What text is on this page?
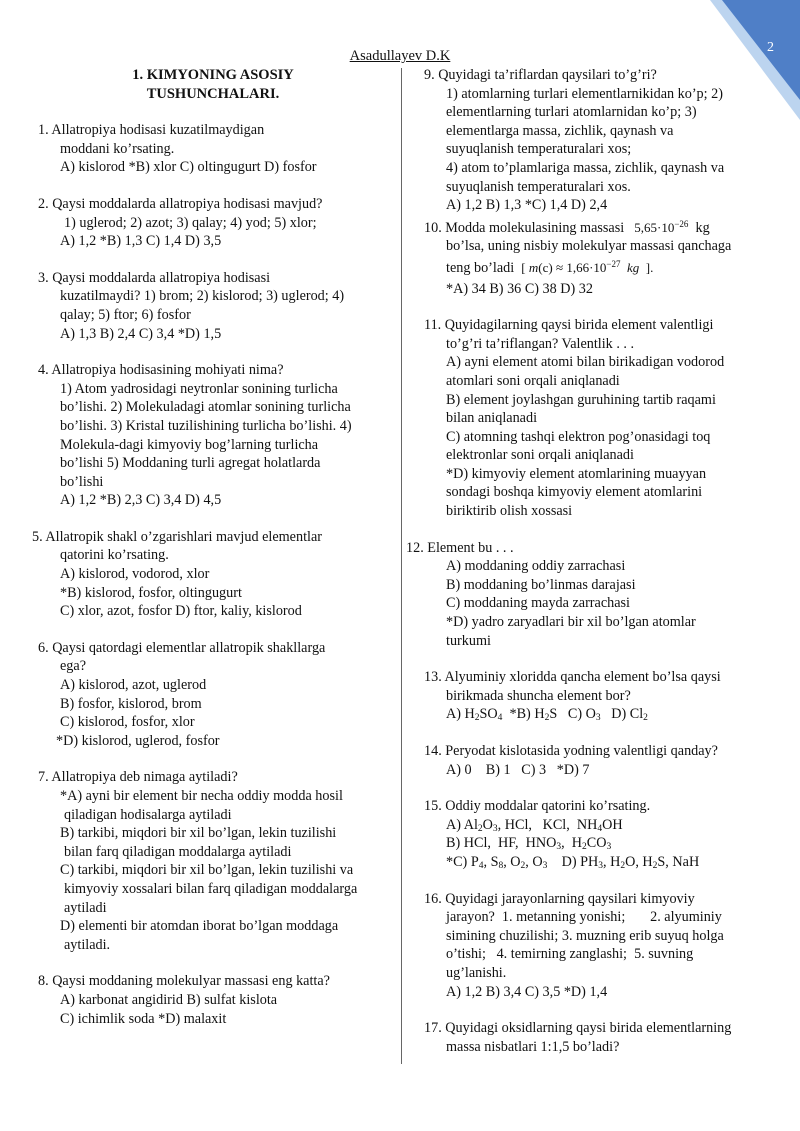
2
Asadullayev D.K
1. KIMYONING ASOSIY
TUSHUNCHALARI.
1. Allatropiya hodisasi kuzatilmaydigan
moddani ko’rsating.
A) kislorod *B) xlor C) oltingugurt D) fosfor
2. Qaysi moddalarda allatropiya hodisasi mavjud?
1) uglerod; 2) azot; 3) qalay; 4) yod; 5) xlor;
A) 1,2 *B) 1,3 C) 1,4 D) 3,5
3. Qaysi moddalarda allatropiya hodisasi
kuzatilmaydi? 1) brom; 2) kislorod; 3) uglerod; 4)
qalay; 5) ftor; 6) fosfor
A) 1,3 B) 2,4 C) 3,4 *D) 1,5
4. Allatropiya hodisasining mohiyati nima?
1) Atom yadrosidagi neytronlar sonining turlicha
bo’lishi. 2) Molekuladagi atomlar sonining turlicha
bo’lishi. 3) Kristal tuzilishining turlicha bo’lishi. 4)
Molekula-dagi kimyoviy bog’larning turlicha
bo’lishi 5) Moddaning turli agregat holatlarda
bo’lishi
A) 1,2 *B) 2,3 C) 3,4 D) 4,5
5. Allatropik shakl o’zgarishlari mavjud elementlar
qatorini ko’rsating.
A) kislorod, vodorod, xlor
*B) kislorod, fosfor, oltingugurt
C) xlor, azot, fosfor D) ftor, kaliy, kislorod
6. Qaysi qatordagi elementlar allatropik shakllarga
ega?
A) kislorod, azot, uglerod
B) fosfor, kislorod, brom
C) kislorod, fosfor, xlor
*D) kislorod, uglerod, fosfor
7. Allatropiya deb nimaga aytiladi?
*A) ayni bir element bir necha oddiy modda hosil
qiladigan hodisalarga aytiladi
B) tarkibi, miqdori bir xil bo’lgan, lekin tuzilishi
bilan farq qiladigan moddalarga aytiladi
C) tarkibi, miqdori bir xil bo’lgan, lekin tuzilishi va
kimyoviy xossalari bilan farq qiladigan moddalarga
aytiladi
D) elementi bir atomdan iborat bo’lgan moddaga
aytiladi.
8. Qaysi moddaning molekulyar massasi eng katta?
A) karbonat angidirid B) sulfat kislota
C) ichimlik soda *D) malaxit
9. Quyidagi ta’riflardan qaysilari to’g’ri?
1) atomlarning turlari elementlarnikidan ko’p; 2)
elementlarning turlari atomlarnidan ko’p; 3)
elementlarga massa, zichlik, qaynash va
suyuqlanish temperaturalari xos;
4) atom to’plamlariga massa, zichlik, qaynash va
suyuqlanish temperaturalari xos.
A) 1,2 B) 1,3 *C) 1,4 D) 2,4
10. Modda molekulasining massasi $5,65\cdot 10^{-26}$ kg
bo’lsa, uning nisbiy molekulyar massasi qanchaga
teng bo’ladi [ $m(c) \approx 1,66\cdot 10^{-27}$ kg ].
*A) 34 B) 36 C) 38 D) 32
11. Quyidagilarning qaysi birida element valentligi
to’g’ri ta’riflangan? Valentlik . . .
A) ayni element atomi bilan birikadigan vodorod
atomlari soni orqali aniqlanadi
B) element joylashgan guruhining tartib raqami
bilan aniqlanadi
C) atomning tashqi elektron pog’onasidagi toq
elektronlar soni orqali aniqlanadi
*D) kimyoviy element atomlarining muayyan
sondagi boshqa kimyoviy element atomlarini
biriktirib olish xossasi
12. Element bu . . .
A) moddaning oddiy zarrachasi
B) moddaning bo’linmas darajasi
C) moddaning mayda zarrachasi
*D) yadro zaryadlari bir xil bo’lgan atomlar
turkumi
13. Alyuminiy xloridda qancha element bo’lsa qaysi
birikmada shuncha element bor?
A) $H_2SO_4$  *B) $H_2S$   C) $O_3$   D) $Cl_2$
14. Peryodat kislotasida yodning valentligi qanday?
A) 0    B) 1   C) 3   *D) 7
15. Oddiy moddalar qatorini ko’rsating.
A) $Al_2O_3$, HCl,   KCl,  $NH_4OH$
B) HCl,  HF,  $HNO_3$,  $H_2CO_3$
*C) $P_4$, $S_8$, $O_2$, $O_3$    D) $PH_3$, $H_2O$, $H_2S$, NaH
16. Quyidagi jarayonlarning qaysilari kimyoviy
jarayon?  1. metanning yonishi;       2. alyuminiy
simining chuzilishi; 3. muzning erib suyuq holga
o’tishi;   4. temirning zanglashi;  5. suvning
ug’lanishi.
A) 1,2 B) 3,4 C) 3,5 *D) 1,4
17. Quyidagi oksidlarning qaysi birida elementlarning
massa nisbatlari 1:1,5 bo’ladi?
